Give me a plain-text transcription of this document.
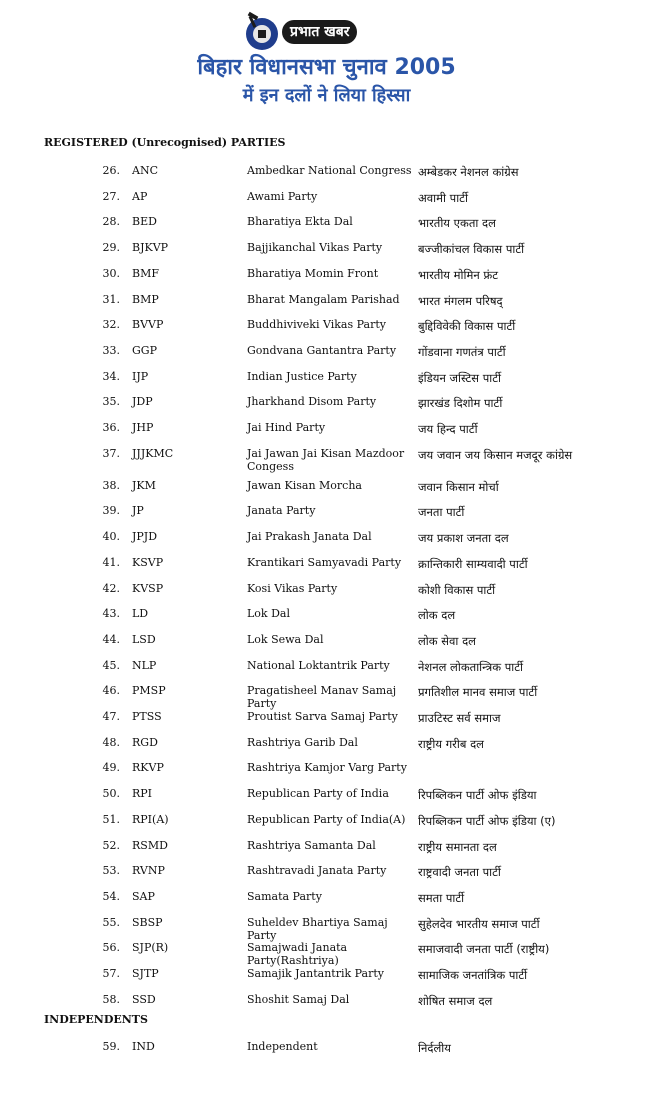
प्रभात खबर
बिहार विधानसभा चुनाव 2005
में इन दलों ने लिया हिस्सा
REGISTERED (Unrecognised) PARTIES
26. ANC	Ambedkar National Congress अम्बेडकर नेशनल कांग्रेस
27. AP	Awami Party	अवामी पार्टी
28. BED	Bharatiya Ekta Dal	भारतीय एकता दल
29. BJKVP	Bajjikanchal Vikas Party	बज्जीकांचल विकास पार्टी
30. BMF	Bharatiya Momin Front	भारतीय मोमिन फ्रंट
31. BMP	Bharat Mangalam Parishad	भारत मंगलम परिषद्
32. BVVP	Buddhiviveki Vikas Party	बुद्दिविवेकी विकास पार्टी
33. GGP	Gondvana Gantantra Party	गोंडवाना गणतंत्र पार्टी
34. IJP	Indian Justice Party	इंडियन जस्टिस पार्टी
35. JDP	Jharkhand Disom Party	झारखंड दिशोम पार्टी
36. JHP	Jai Hind Party	जय हिन्द पार्टी
37. JJJKMC	Jai Jawan Jai Kisan Mazdoor Congess
जय जवान जय किसान मजदूर कांग्रेस
38. JKM	Jawan Kisan Morcha	जवान किसान मोर्चा
39. JP	Janata Party	जनता पार्टी
40. JPJD	Jai Prakash Janata Dal	जय प्रकाश जनता दल
41. KSVP	Krantikari Samyavadi Party	क्रान्तिकारी साम्यवादी पार्टी
42. KVSP	Kosi Vikas Party	कोशी विकास पार्टी
43. LD	Lok Dal	लोक दल
44. LSD	Lok Sewa Dal	लोक सेवा दल
45. NLP	National Loktantrik Party	नेशनल लोकतान्त्रिक पार्टी
46. PMSP	Pragatisheel Manav Samaj Party
प्रगतिशील मानव समाज पार्टी
47. PTSS	Proutist Sarva Samaj Party	प्राउटिस्ट सर्व समाज
48. RGD	Rashtriya Garib Dal	राष्ट्रीय गरीब दल
49. RKVP	Rashtriya Kamjor Varg Party
50. RPI	Republican Party of India	रिपब्लिकन पार्टी ओफ इंडिया
51. RPI(A)	Republican Party of India(A)	रिपब्लिकन पार्टी ओफ इंडिया (ए)
52. RSMD	Rashtriya Samanta Dal	राष्ट्रीय समानता दल
53. RVNP	Rashtravadi Janata Party	राष्ट्रवादी जनता पार्टी
54. SAP	Samata Party	समता पार्टी
55. SBSP	Suheldev Bhartiya Samaj Party
सुहेलदेव भारतीय समाज पार्टी
56. SJP(R)	Samajwadi Janata Party(Rashtriya)
समाजवादी जनता पार्टी (राष्ट्रीय)
57. SJTP	Samajik Jantantrik Party	सामाजिक जनतांत्रिक पार्टी
58. SSD	Shoshit Samaj Dal	शोषित समाज दल
INDEPENDENTS
59. IND	Independent	निर्दलीय
